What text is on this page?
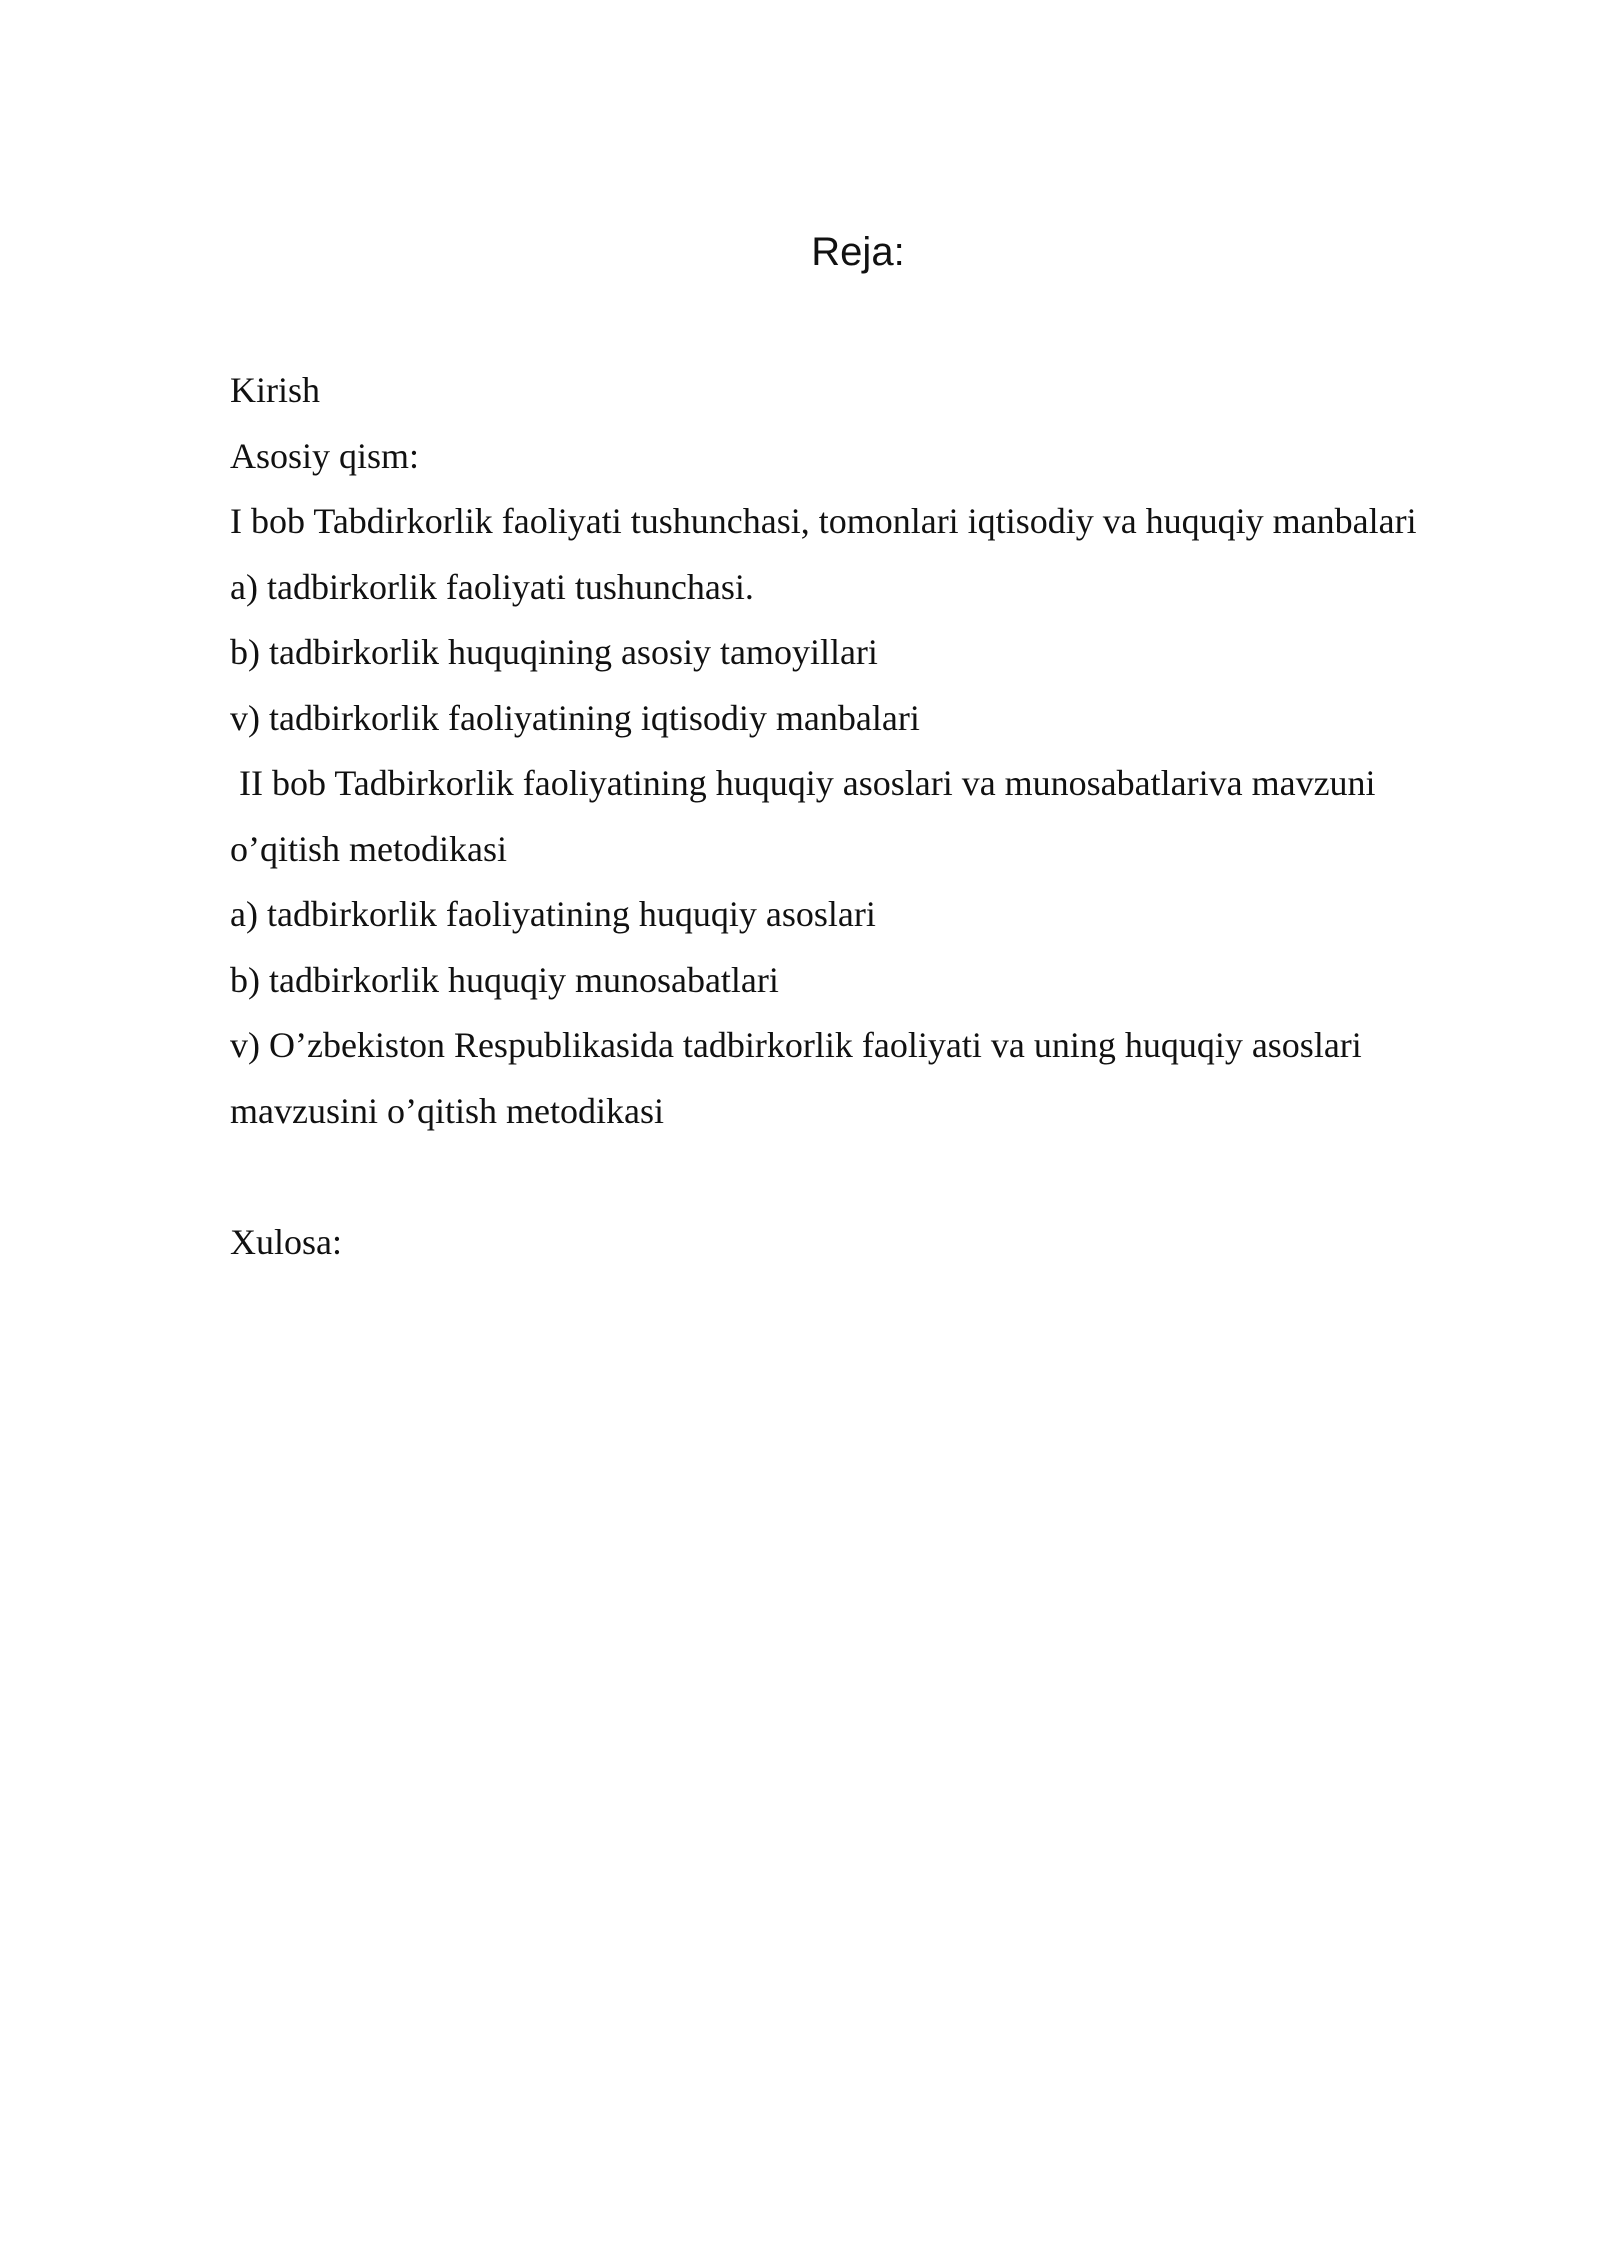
Reja:
Kirish
Asosiy qism:
I bob Tabdirkorlik faoliyati tushunchasi, tomonlari iqtisodiy va huquqiy manbalari
a) tadbirkorlik faoliyati tushunchasi.
b) tadbirkorlik huquqining asosiy tamoyillari
v) tadbirkorlik faoliyatining iqtisodiy manbalari
II bob Tadbirkorlik faoliyatining huquqiy asoslari va munosabatlariva mavzuni
o’qitish metodikasi
a) tadbirkorlik faoliyatining huquqiy asoslari
b) tadbirkorlik huquqiy munosabatlari
v) O’zbekiston Respublikasida tadbirkorlik faoliyati va uning huquqiy asoslari
mavzusini o’qitish metodikasi
Xulosa:
